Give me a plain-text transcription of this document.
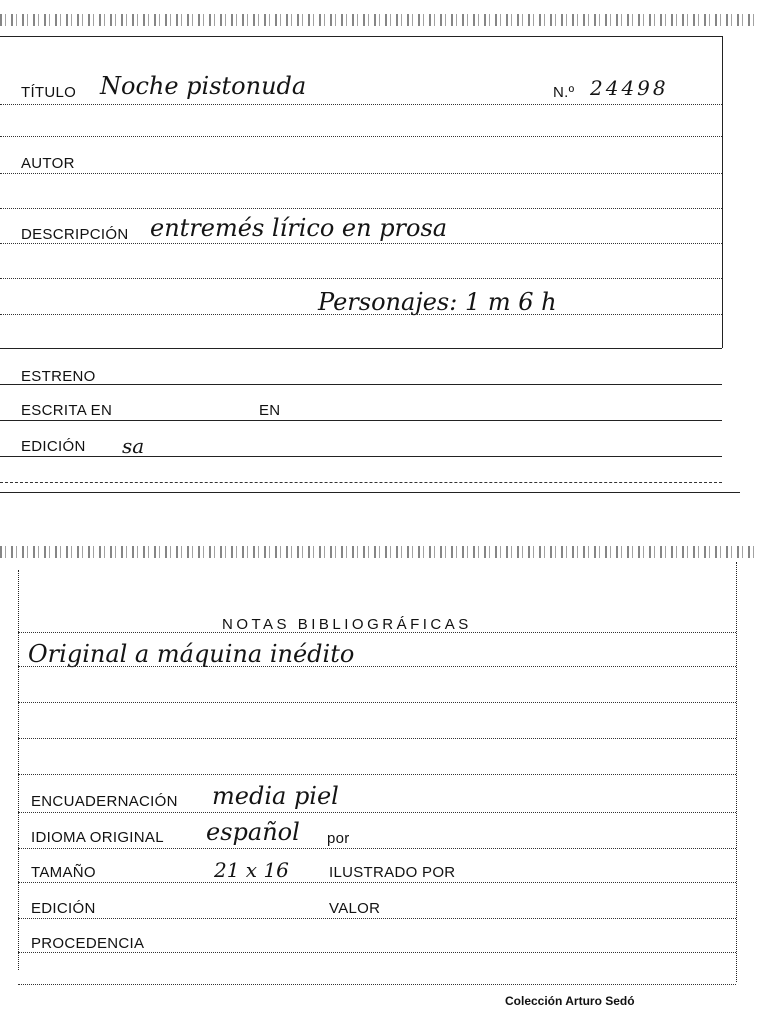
TÍTULO Noche pistonuda	N.º 24498
AUTOR
DESCRIPCIÓN entremés lírico en prosa
Personajes: 1 m 6 h
ESTRENO
ESCRITA EN	EN
EDICIÓN sa
NOTAS BIBLIOGRÁFICAS
Original a máquina inédito
ENCUADERNACIÓN media piel
IDIOMA ORIGINAL español por
TAMAÑO	21 x 16	ILUSTRADO POR
EDICIÓN	VALOR
PROCEDENCIA
Colección Arturo Sedó
